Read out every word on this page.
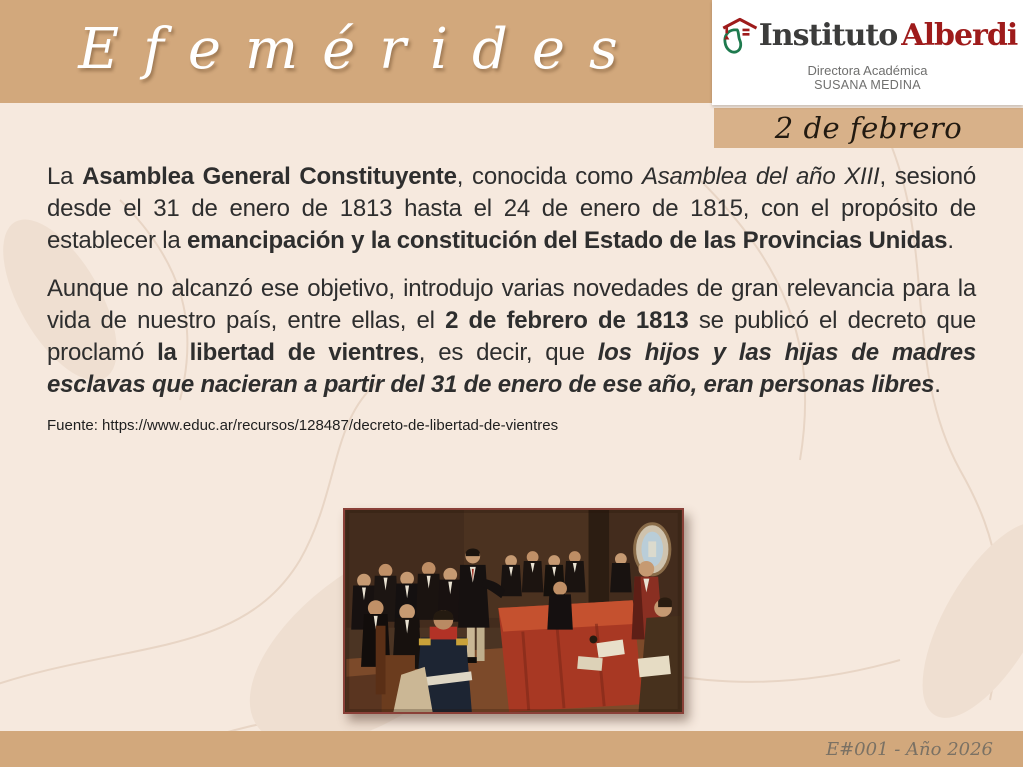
Efemérides	Instituto Alberdi
Directora Académica
SUSANA MEDINA
2 de febrero

La Asamblea General Constituyente, conocida como Asamblea del año XIII, sesionó desde el 31 de enero de 1813 hasta el 24 de enero de 1815, con el propósito de establecer la emancipación y la constitución del Estado de las Provincias Unidas.

Aunque no alcanzó ese objetivo, introdujo varias novedades de gran relevancia para la vida de nuestro país, entre ellas, el 2 de febrero de 1813 se publicó el decreto que proclamó la libertad de vientres, es decir, que los hijos y las hijas de madres esclavas que nacieran a partir del 31 de enero de ese año, eran personas libres.

Fuente: https://www.educ.ar/recursos/128487/decreto-de-libertad-de-vientres
E#001 - Año 2026
